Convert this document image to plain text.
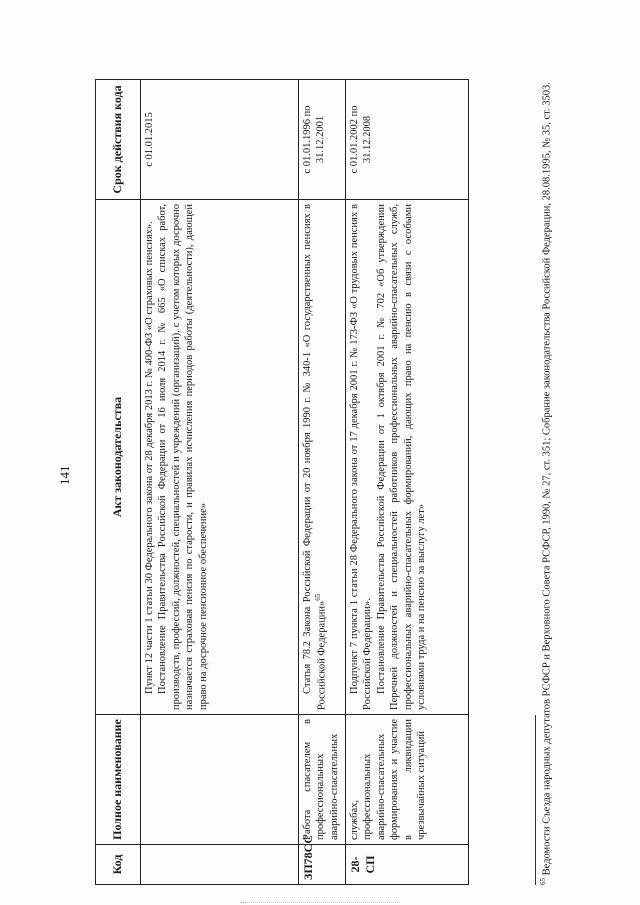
141
Код	Полное наименование	Акт законодательства	Срок действия кода

		Пункт 12 части 1 статьи 30 Федерального закона от 28 декабря 2013 г. № 400-ФЗ «О страховых пенсиях». Постановление Правительства Российской Федерации от 16 июля 2014 г. № 665 «О списках работ, производств, профессий, должностей, специальностей и учреждений (организаций), с учетом которых досрочно назначается страховая пенсия по старости, и правилах исчисления периодов работы (деятельности), дающей право на досрочное пенсионное обеспечение»	с 01.01.2015
ЗП78СС	Работа спасателем в профессиональных аварийно-спасательных	Статья 78.2 Закона Российской Федерации от 20 ноября 1990 г. № 340-1 «О государственных пенсиях в Российской Федерации»$^{65}$	с 01.01.1996 по 31.12.2001
28-СП	службах, профессиональных аварийно-спасательных формированиях и участие в ликвидации чрезвычайных ситуаций	Подпункт 7 пункта 1 статьи 28 Федерального закона от 17 декабря 2001 г. № 173-ФЗ «О трудовых пенсиях в Российской Федерации». Постановление Правительства Российской Федерации от 1 октября 2001 г. № 702 «Об утверждении Перечней должностей и специальностей работников профессиональных аварийно-спасательных служб, профессиональных аварийно-спасательных формирований, дающих право на пенсию в связи с особыми условиями труда и на пенсию за выслугу лет»	с 01.01.2002 по 31.12.2008
$^{65}$ Ведомости Съезда народных депутатов РСФСР и Верховного Совета РСФСР, 1990, № 27, ст. 351; Собрание законодательства Российской Федерации, 28.08.1995, № 35, ст. 3503.
